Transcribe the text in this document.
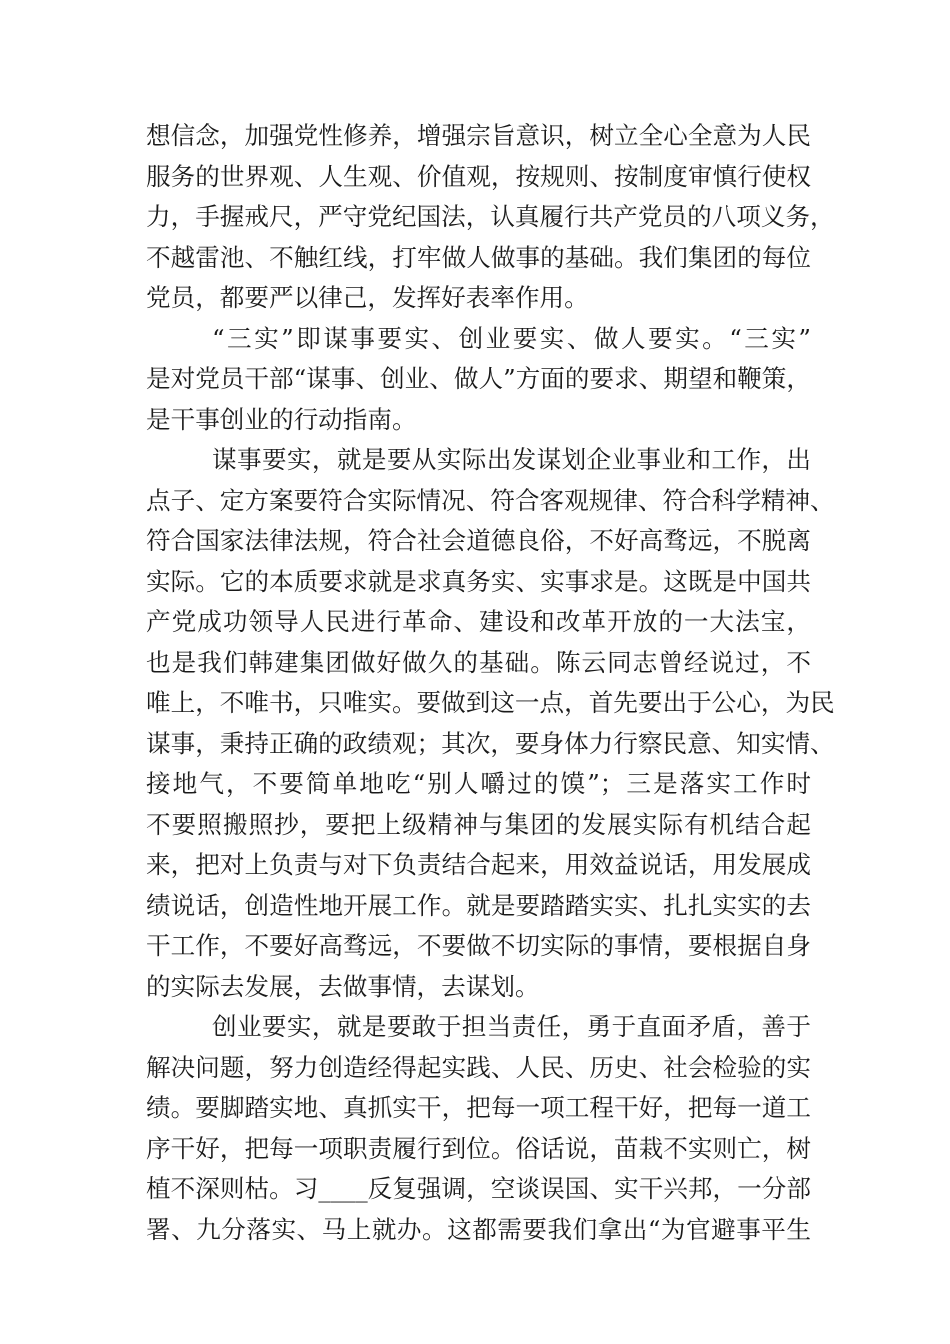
想信念，加强党性修养，增强宗旨意识，树立全心全意为人民
服务的世界观、人生观、价值观，按规则、按制度审慎行使权
力，手握戒尺，严守党纪国法，认真履行共产党员的八项义务，
不越雷池、不触红线，打牢做人做事的基础。我们集团的每位
党员，都要严以律己，发挥好表率作用。
“三实”即谋事要实、创业要实、做人要实。“三实”
是对党员干部“谋事、创业、做人”方面的要求、期望和鞭策，
是干事创业的行动指南。
谋事要实，就是要从实际出发谋划企业事业和工作，出
点子、定方案要符合实际情况、符合客观规律、符合科学精神、
符合国家法律法规，符合社会道德良俗，不好高骛远，不脱离
实际。它的本质要求就是求真务实、实事求是。这既是中国共
产党成功领导人民进行革命、建设和改革开放的一大法宝，
也是我们韩建集团做好做久的基础。陈云同志曾经说过，不
唯上，不唯书，只唯实。要做到这一点，首先要出于公心，为民
谋事，秉持正确的政绩观；其次，要身体力行察民意、知实情、
接地气，不要简单地吃“别人嚼过的馍”；三是落实工作时
不要照搬照抄，要把上级精神与集团的发展实际有机结合起
来，把对上负责与对下负责结合起来，用效益说话，用发展成
绩说话，创造性地开展工作。就是要踏踏实实、扎扎实实的去
干工作，不要好高骛远，不要做不切实际的事情，要根据自身
的实际去发展，去做事情，去谋划。
创业要实，就是要敢于担当责任，勇于直面矛盾，善于
解决问题，努力创造经得起实践、人民、历史、社会检验的实
绩。要脚踏实地、真抓实干，把每一项工程干好，把每一道工
序干好，把每一项职责履行到位。俗话说，苗栽不实则亡，树
植不深则枯。习____反复强调，空谈误国、实干兴邦，一分部
署、九分落实、马上就办。这都需要我们拿出“为官避事平生
